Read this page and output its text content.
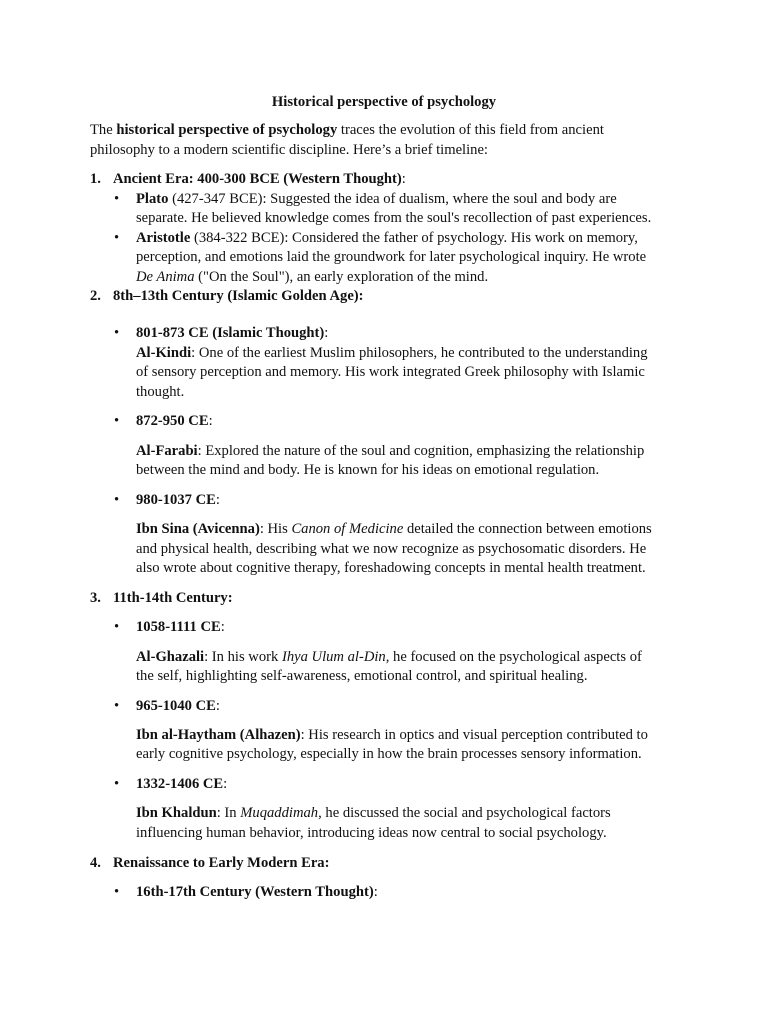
Historical perspective of psychology
The historical perspective of psychology traces the evolution of this field from ancient
philosophy to a modern scientific discipline. Here’s a brief timeline:
1. Ancient Era: 400-300 BCE (Western Thought):
• Plato (427-347 BCE): Suggested the idea of dualism, where the soul and body are
separate. He believed knowledge comes from the soul's recollection of past experiences.
• Aristotle (384-322 BCE): Considered the father of psychology. His work on memory,
perception, and emotions laid the groundwork for later psychological inquiry. He wrote
De Anima ("On the Soul"), an early exploration of the mind.
2. 8th–13th Century (Islamic Golden Age):
• 801-873 CE (Islamic Thought):
Al-Kindi: One of the earliest Muslim philosophers, he contributed to the understanding
of sensory perception and memory. His work integrated Greek philosophy with Islamic
thought.
• 872-950 CE:
Al-Farabi: Explored the nature of the soul and cognition, emphasizing the relationship
between the mind and body. He is known for his ideas on emotional regulation.
• 980-1037 CE:
Ibn Sina (Avicenna): His Canon of Medicine detailed the connection between emotions
and physical health, describing what we now recognize as psychosomatic disorders. He
also wrote about cognitive therapy, foreshadowing concepts in mental health treatment.
3. 11th-14th Century:
• 1058-1111 CE:
Al-Ghazali: In his work Ihya Ulum al-Din, he focused on the psychological aspects of
the self, highlighting self-awareness, emotional control, and spiritual healing.
• 965-1040 CE:
Ibn al-Haytham (Alhazen): His research in optics and visual perception contributed to
early cognitive psychology, especially in how the brain processes sensory information.
• 1332-1406 CE:
Ibn Khaldun: In Muqaddimah, he discussed the social and psychological factors
influencing human behavior, introducing ideas now central to social psychology.
4. Renaissance to Early Modern Era:
• 16th-17th Century (Western Thought):
